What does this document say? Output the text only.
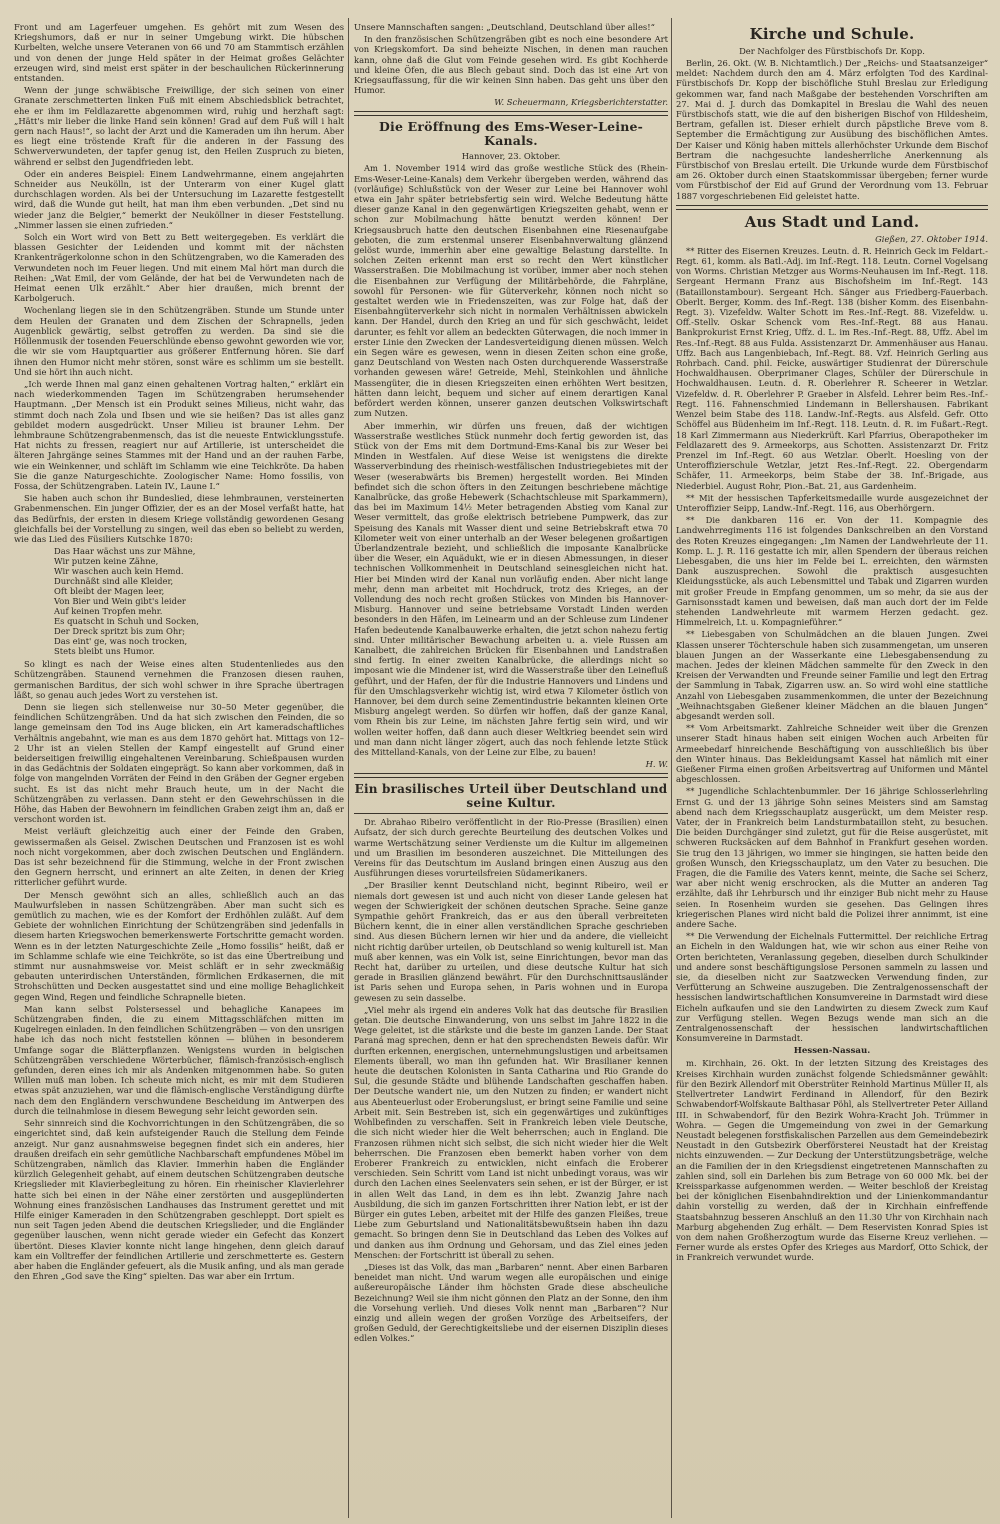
Front und am Lagerfeuer umgehen. Es gehört mit zum Wesen des Kriegshumors, daß er nur in seiner Umgebung wirkt. Die hübschen Kurbelten, welche unsere Veteranen von 66 und 70 am Stammtisch erzählen und von denen der junge Held später in der Heimat großes Gelächter erzeugen wird, sind meist erst später in der beschaulichen Rückerinnerung entstanden.

Wenn der junge schwäbische Freiwillige, der sich seinen von einer Granate zerschmetterten linken Fuß mit einem Abschiedsblick betrachtet, ehe er ihm im Feldlazarette abgenommen wird, ruhig und herzhaft sagt: „Hätt's mir lieber die linke Hand sein können! Grad auf dem Fuß will i halt gern nach Haus!“, so lacht der Arzt und die Kameraden um ihn herum. Aber es liegt eine tröstende Kraft für die anderen in der Fassung des Schwerverwundeten, der tapfer genug ist, den Heilen Zuspruch zu bieten, während er selbst den Jugendfrieden lebt.

Oder ein anderes Beispiel: Einem Landwehrmanne, einem angejahrten Schneider aus Neukölln, ist der Unterarm von einer Kugel glatt durchschlagen worden. Als bei der Untersuchung im Lazarette festgestellt wird, daß die Wunde gut heilt, hat man ihm eben verbunden. „Det sind nu wieder janz die Belgier,“ bemerkt der Neuköllner in dieser Feststellung. „Nimmer lassen sie einen zufrieden.“

Solch ein Wort wird von Bett zu Bett weitergegeben. Es verklärt die blassen Gesichter der Leidenden und kommt mit der nächsten Krankenträgerkolonne schon in den Schützengraben, wo die Kameraden des Verwundeten noch im Feuer liegen. Und mit einem Mal hört man durch die Reihen: „Wat Emil, der vom Gelände, der hat bei de Verwundeten nach de Heimat eenen Ulk erzählt.“ Aber hier draußen, mich brennt der Karbolgeruch.

Wochenlang liegen sie in den Schützengräben. Stunde um Stunde unter dem Heulen der Granaten und dem Zischen der Schrapnells, jeden Augenblick gewärtig, selbst getroffen zu werden. Da sind sie die Höllenmusik der tosenden Feuerschlünde ebenso gewohnt geworden wie vor, die wir sie vom Hauptquartier aus größerer Entfernung hören. Sie darf ihnen den Humor nicht mehr stören, sonst wäre es schlimm um sie bestellt. Und sie hört ihn auch nicht.

„Ich werde Ihnen mal ganz einen gehaltenen Vortrag halten,“ erklärt ein nach wiederkommenden Tagen im Schützengraben herumsehender Hauptmann. „Der Mensch ist ein Produkt seines Milieus, nicht wahr, das stimmt doch nach Zola und Ibsen und wie sie heißen? Das ist alles ganz gebildet modern ausgedrückt. Unser Milieu ist brauner Lehm. Der lehmbraune Schützengrabenmensch, das ist die neueste Entwicklungsstufe. Hat nichts zu fressen, reagiert nur auf Artillerie, ist unterscheidet die älteren Jahrgänge seines Stammes mit der Hand und an der rauhen Farbe, wie ein Weinkenner, und schläft im Schlamm wie eine Teichkröte. Da haben Sie die ganze Naturgeschichte. Zoologischer Name: Homo fossilis, von Fossa, der Schützengraben. Latein IV., Laune I.“

Sie haben auch schon ihr Bundeslied, diese lehmbraunen, versteinerten Grabenmenschen. Ein junger Offizier, der es an der Mosel verfaßt hatte, hat das Bedürfnis, der ersten in diesem Kriege vollständig gewordenen Gesang gleichfalls bei der Vorstellung zu singen, weil das eben so beliebt zu werden, wie das Lied des Füsiliers Kutschke 1870:

Das Haar wächst uns zur Mähne,
Wir putzen keine Zähne,
Wir waschen auch kein Hemd.
Durchnäßt sind alle Kleider,
Oft bleibt der Magen leer,
Von Bier und Wein gibt's leider
Auf keinen Tropfen mehr.
Es quatscht in Schuh und Socken,
Der Dreck spritzt bis zum Ohr;
Das eint' ge, was noch trocken,
Stets bleibt uns Humor.

So klingt es nach der Weise eines alten Studentenliedes aus den Schützengräben. Staunend vernehmen die Franzosen diesen rauhen, germanischen Barditus, der sich wohl schwer in ihre Sprache übertragen läßt, so genau auch jedes Wort zu verstehen ist.

Denn sie liegen sich stellenweise nur 30–50 Meter gegenüber, die feindlichen Schützengräben. Und da hat sich zwischen den Feinden, die so lange gemeinsam den Tod ins Auge blicken, ein Art kameradschaftliches Verhältnis angebahnt, wie man es aus dem 1870 gehört hat. Mittags von 12–2 Uhr ist an vielen Stellen der Kampf eingestellt auf Grund einer beiderseitigen freiwillig eingehaltenen Vereinbarung. Schießpausen wurden in das Gedächtnis der Soldaten eingeprägt. So kann aber vorkommen, daß in folge von mangelnden Vorräten der Feind in den Gräben der Gegner ergeben sucht. Es ist das nicht mehr Brauch heute, um in der Nacht die Schützengräben zu verlassen. Dann steht er den Gewehrschüssen in die Höhe, das Haben der Bewohnern im feindlichen Graben zeigt ihm an, daß er verschont worden ist.

Meist verläuft gleichzeitig auch einer der Feinde den Graben, gewissermaßen als Geisel. Zwischen Deutschen und Franzosen ist es wohl noch nicht vorgekommen, aber doch zwischen Deutschen und Engländern. Das ist sehr bezeichnend für die Stimmung, welche in der Front zwischen den Gegnern herrscht, und erinnert an alte Zeiten, in denen der Krieg ritterlicher geführt wurde.

Der Mensch gewöhnt sich an alles, schließlich auch an das Maulwurfsleben in nassen Schützengräben. Aber man sucht sich es gemütlich zu machen, wie es der Komfort der Erdhöhlen zuläßt. Auf dem Gebiete der wohnlichen Einrichtung der Schützengräben sind jedenfalls in diesem harten Kriegswochen bemerkenswerte Fortschritte gemacht worden. Wenn es in der letzten Naturgeschichte Zeile „Homo fossilis“ heißt, daß er im Schlamme schlafe wie eine Teichkröte, so ist das eine Übertreibung und stimmt nur ausnahmsweise vor. Meist schläft er in sehr zweckmäßig gebauten unterirdischen Unterständen, förmlichen Erdkasernen, die mit Strohschütten und Decken ausgestattet sind und eine mollige Behaglichkeit gegen Wind, Regen und feindliche Schrapnelle bieten.

Man kann selbst Polstersessel und behagliche Kanapees im Schützengraben finden, die zu einem Mittagsschläfchen mitten im Kugelregen einladen. In den feindlichen Schützengräben — von den unsrigen habe ich das noch nicht feststellen können — blühen in besonderem Umfange sogar die Blätterpflanzen. Wenigstens wurden in belgischen Schützengräben verschiedene Wörterbücher, flämisch-französisch-englisch gefunden, deren eines ich mir als Andenken mitgenommen habe. So guten Willen muß man loben. Ich scheute mich nicht, es mir mit dem Studieren etwas spät anzuziehen, war und die flämisch-englische Verständigung dürfte nach dem den Engländern verschwundene Bescheidung im Antwerpen des durch die teilnahmlose in diesem Bewegung sehr leicht geworden sein.

Sehr sinnreich sind die Kochvorrichtungen in den Schützengräben, die so eingerichtet sind, daß kein aufsteigender Rauch die Stellung dem Feinde anzeigt. Nur ganz ausnahmsweise begegnen findet sich ein anderes, hier draußen dreifach ein sehr gemütliche Nachbarschaft empfundenes Möbel im Schützengraben, nämlich das Klavier. Immerhin haben die Engländer kürzlich Gelegenheit gehabt, auf einem deutschen Schützengraben deutsche Kriegslieder mit Klavierbegleitung zu hören. Ein rheinischer Klavierlehrer hatte sich bei einen in der Nähe einer zerstörten und ausgeplünderten Wohnung eines französischen Landhauses das Instrument gerettet und mit Hilfe einiger Kameraden in den Schützengraben geschleppt. Dort spielt es nun seit Tagen jeden Abend die deutschen Kriegslieder, und die Engländer gegenüber lauschen, wenn nicht gerade wieder ein Gefecht das Konzert übertönt. Dieses Klavier konnte nicht lange hingehen, denn gleich darauf kam ein Volltreffer der feindlichen Artillerie und zerschmetterte es. Gestern aber haben die Engländer gefeuert, als die Musik anfing, und als man gerade den Ehren „God save the King“ spielten. Das war aber ein Irrtum.

Unsere Mannschaften sangen: „Deutschland, Deutschland über alles!“

In den französischen Schützengräben gibt es noch eine besondere Art von Kriegskomfort. Da sind beheizte Nischen, in denen man rauchen kann, ohne daß die Glut vom Feinde gesehen wird. Es gibt Kochherde und kleine Öfen, die aus Blech gebaut sind. Doch das ist eine Art von Kriegsauffassung, für die wir keinen Sinn haben. Das geht uns über den Humor.

W. Scheuermann, Kriegsberichterstatter.
Die Eröffnung des Ems-Weser-Leine-Kanals.
Hannover, 23. Oktober.

Am 1. November 1914 wird das große westliche Stück des (Rhein-Ems-Weser-Leine-Kanals) dem Verkehr übergeben werden, während das (vorläufige) Schlußstück von der Weser zur Leine bei Hannover wohl etwa ein Jahr später betriebsfertig sein wird. Welche Bedeutung hätte dieser ganze Kanal in den gegenwärtigen Kriegszeiten gehabt, wenn er schon zur Mobilmachung hätte benutzt werden können! Der Kriegsausbruch hatte den deutschen Eisenbahnen eine Riesenaufgabe geboten, die zum erstenmal unserer Eisenbahnverwaltung glänzend gelöst wurde, immerhin aber eine gewaltige Belastung darstellte. In solchen Zeiten erkennt man erst so recht den Wert künstlicher Wasserstraßen. Die Mobilmachung ist vorüber, immer aber noch stehen die Eisenbahnen zur Verfügung der Militärbehörde, die Fahrpläne, sowohl für Personen- wie für Güterverkehr, können noch nicht so gestaltet werden wie in Friedenszeiten, was zur Folge hat, daß der Eisenbahngüterverkehr sich nicht in normalen Verhältnissen abwickeln kann. Der Handel, durch den Krieg an und für sich geschwächt, leidet darunter, es fehlt vor allem an bedeckten Güterwagen, die noch immer in erster Linie den Zwecken der Landesverteidigung dienen müssen. Welch ein Segen wäre es gewesen, wenn in diesen Zeiten schon eine große, ganz Deutschland von Westen nach Osten durchquerende Wasserstraße vorhanden gewesen wäre! Getreide, Mehl, Steinkohlen und ähnliche Massengüter, die in diesen Kriegszeiten einen erhöhten Wert besitzen, hätten dann leicht, bequem und sicher auf einem derartigen Kanal befördert werden können, unserer ganzen deutschen Volkswirtschaft zum Nutzen.

Aber immerhin, wir dürfen uns freuen, daß der wichtigen Wasserstraße westliches Stück nunmehr doch fertig geworden ist, das Stück von der Ems mit dem Dortmund-Ems-Kanal bis zur Weser bei Minden in Westfalen. Auf diese Weise ist wenigstens die direkte Wasserverbindung des rheinisch-westfälischen Industriegebietes mit der Weser (weserabwärts bis Bremen) hergestellt worden. Bei Minden befindet sich die schon öfters in den Zeitungen beschriebene mächtige Kanalbrücke, das große Hebewerk (Schachtschleuse mit Sparkammern), das bei im Maximum 14½ Meter betragenden Abstieg vom Kanal zur Weser vermittelt, das große elektrisch betriebene Pumpwerk, das zur Speisung des Kanals mit Wasser dient und seine Betriebskraft etwa 70 Kilometer weit von einer unterhalb an der Weser belegenen großartigen Überlandzentrale bezieht, und schließlich die imposante Kanalbrücke über die Weser, ein Aquädukt, wie er in diesen Abmessungen, in dieser technischen Vollkommenheit in Deutschland seinesgleichen nicht hat. Hier bei Minden wird der Kanal nun vorläufig enden. Aber nicht lange mehr, denn man arbeitet mit Hochdruck, trotz des Krieges, an der Vollendung des noch recht großen Stückes von Minden bis Hannover-Misburg. Hannover und seine betriebsame Vorstadt Linden werden besonders in den Häfen, im Leinearm und an der Schleuse zum Lindener Hafen bedeutende Kanalbauwerke erhalten, die jetzt schon nahezu fertig sind. Unter militärischer Bewachung arbeiten u. a. viele Russen am Kanalbett, die zahlreichen Brücken für Eisenbahnen und Landstraßen sind fertig. In einer zweiten Kanalbrücke, die allerdings nicht so imposant wie die Mindener ist, wird die Wasserstraße über den Leinefluß geführt, und der Hafen, der für die Industrie Hannovers und Lindens und für den Umschlagsverkehr wichtig ist, wird etwa 7 Kilometer östlich von Hannover, bei dem durch seine Zementindustrie bekannten kleinen Orte Misburg angelegt werden. So dürfen wir hoffen, daß der ganze Kanal, vom Rhein bis zur Leine, im nächsten Jahre fertig sein wird, und wir wollen weiter hoffen, daß dann auch dieser Weltkrieg beendet sein wird und man dann nicht länger zögert, auch das noch fehlende letzte Stück des Mittelland-Kanals, von der Leine zur Elbe, zu bauen!

H. W.
Ein brasilisches Urteil über Deutschland und seine Kultur.

Dr. Abrahao Ribeiro veröffentlicht in der Rio-Presse (Brasilien) einen Aufsatz, der sich durch gerechte Beurteilung des deutschen Volkes und warme Wertschätzung seiner Verdienste um die Kultur im allgemeinen und um Brasilien im besonderen auszeichnet. Die Mitteilungen des Vereins für das Deutschtum im Ausland bringen einen Auszug aus den Ausführungen dieses vorurteilsfreien Südamerikaners.

„Der Brasilier kennt Deutschland nicht, beginnt Ribeiro, weil er niemals dort gewesen ist und auch nicht von dieser Lande gelesen hat wegen der Schwierigkeit der schönen deutschen Sprache. Seine ganze Sympathie gehört Frankreich, das er aus den überall verbreiteten Büchern kennt, die in einer allen verständlichen Sprache geschrieben sind. Aus diesen Büchern lernen wir hier und da andere, die vielleicht nicht richtig darüber urteilen, ob Deutschland so wenig kulturell ist. Man muß aber kennen, was ein Volk ist, seine Einrichtungen, bevor man das Recht hat, darüber zu urteilen, und diese deutsche Kultur hat sich gerade in Brasilien glänzend bewährt. Für den Durchschnittsausländer ist Paris sehen und Europa sehen, in Paris wohnen und in Europa gewesen zu sein dasselbe.

„Viel mehr als irgend ein anderes Volk hat das deutsche für Brasilien getan. Die deutsche Einwanderung, von uns selbst im Jahre 1822 in die Wege geleitet, ist die stärkste und die beste im ganzen Lande. Der Staat Paraná mag sprechen, denn er hat den sprechendsten Beweis dafür. Wir durften erkennen, energischen, unternehmungslustigen und arbeitsamen Elements überall, wo man ihn gefunden hat. Wir Brasilianer kennen heute die deutschen Kolonisten in Santa Catharina und Rio Grande do Sul, die gesunde Städte und blühende Landschaften geschaffen haben. Der Deutsche wandert nie, um den Nutzen zu finden; er wandert nicht aus Abenteuerlust oder Eroberungslust, er bringt seine Familie und seine Arbeit mit. Sein Bestreben ist, sich ein gegenwärtiges und zukünftiges Wohlbefinden zu verschaffen. Seit in Frankreich leben viele Deutsche, die sich nicht wieder hier die Welt beherrschen; auch in England. Die Franzosen rühmen nicht sich selbst, die sich nicht wieder hier die Welt beherrschen. Die Franzosen eben bemerkt haben vorher von dem Eroberer Frankreich zu entwicklen, nicht einfach die Eroberer verschieden. Sein Schritt vom Land ist nicht unbedingt voraus, was wir durch den Lachen eines Seelenvaters sein sehen, er ist der Bürger, er ist in allen Welt das Land, in dem es ihn lebt. Zwanzig Jahre nach Ausbildung, die sich im ganzen Fortschritten ihrer Nation lebt, er ist der Bürger ein gutes Leben, arbeitet mit der Hilfe des ganzen Fleißes, treue Liebe zum Geburtsland und Nationalitätsbewußtsein haben ihn dazu gemacht. So bringen denn Sie in Deutschland das Leben des Volkes auf und danken aus ihm Ordnung und Gehorsam, und das Ziel eines jeden Menschen: der Fortschritt ist überall zu sehen.

„Dieses ist das Volk, das man „Barbaren“ nennt. Aber einen Barbaren beneidet man nicht. Und warum wegen alle europäischen und einige außereuropäische Länder ihm höchsten Grade diese abscheuliche Bezeichnung? Weil sie ihm nicht gönnen den Platz an der Sonne, den ihm die Vorsehung verlieh. Und dieses Volk nennt man „Barbaren“? Nur einzig und allein wegen der großen Vorzüge des Arbeitseifers, der großen Geduld, der Gerechtigkeitsliebe und der eisernen Disziplin dieses edlen Volkes.“

Kirche und Schule.
Der Nachfolger des Fürstbischofs Dr. Kopp.

Berlin, 26. Okt. (W. B. Nichtamtlich.) Der „Reichs- und Staatsanzeiger“ meldet: Nachdem durch den am 4. März erfolgten Tod des Kardinal-Fürstbischofs Dr. Kopp der bischöfliche Stuhl Breslau zur Erledigung gekommen war, fand nach Maßgabe der bestehenden Vorschriften am 27. Mai d. J. durch das Domkapitel in Breslau die Wahl des neuen Fürstbischofs statt, wie die auf den bisherigen Bischof von Hildesheim, Bertram, gefallen ist. Dieser erhielt durch päpstliche Breve vom 8. September die Ermächtigung zur Ausübung des bischöflichen Amtes. Der Kaiser und König haben mittels allerhöchster Urkunde dem Bischof Bertram die nachgesuchte landesherrliche Anerkennung als Fürstbischof von Breslau erteilt. Die Urkunde wurde dem Fürstbischof am 26. Oktober durch einen Staatskommissar übergeben; ferner wurde vom Fürstbischof der Eid auf Grund der Verordnung vom 13. Februar 1887 vorgeschriebenen Eid geleistet hatte.

Aus Stadt und Land.
Gießen, 27. Oktober 1914.

** Ritter des Eisernen Kreuzes. Leutn. d. R. Heinrich Geck im Feldart.-Regt. 61, komm. als Batl.-Adj. im Inf.-Regt. 118. Leutn. Cornel Vogelsang von Worms. Christian Metzger aus Worms-Neuhausen im Inf.-Regt. 118. Sergeant Hermann Franz aus Bischofsheim im Inf.-Regt. 143 (Bataillonstambour). Sergeant Hch. Sänger aus Friedberg-Fauerbach. Oberlt. Berger, Komm. des Inf.-Regt. 138 (bisher Komm. des Eisenbahn-Regt. 3). Vizefeldw. Walter Schott im Res.-Inf.-Regt. 88. Vizefeldw. u. Off.-Stellv. Oskar Schenck vom Res.-Inf.-Regt. 88 aus Hanau. Bankprokurist Ernst Krieg, Uffz. d. L. im Res.-Inf.-Regt. 88, Uffz. Abel im Res.-Inf.-Regt. 88 aus Fulda. Assistenzarzt Dr. Ammenhäuser aus Hanau. Uffz. Bach aus Langenbiebach, Inf.-Regt. 88. Vzf. Heinrich Gerling aus Rohrbach. Cand. phil. Feicke, auswärtiger Studienrat der Dürerschule Hochwaldhausen. Oberprimaner Clages, Schüler der Dürerschule in Hochwaldhausen. Leutn. d. R. Oberlehrer R. Scheerer in Wetzlar. Vizefeldw. d. R. Oberlehrer P. Graeber in Alsfeld. Lehrer beim Res.-Inf.-Regt. 116. Fahnenschmied Lindemann in Bellershausen. Fabrikant Wenzel beim Stabe des 118. Landw.-Inf.-Regts. aus Alsfeld. Gefr. Otto Schöffel aus Büdenheim im Inf.-Regt. 118. Leutn. d. R. im Fußart.-Regt. 18 Karl Zimmermann aus Niederkrüft. Karl Pfarrius, Oberapotheker im Feldlazarett des 9. Armeekorps, aus Schotten. Assistenzarzt Dr. Fritz Prenzel im Inf.-Regt. 60 aus Wetzlar. Oberlt. Hoesling von der Unteroffizierschule Wetzlar, jetzt Res.-Inf.-Regt. 22. Obergendarm Schäfer, 11. Armeekorps, beim Stabe der 38. Inf.-Brigade, aus Niederbiel. August Rohr, Pion.-Bat. 21, aus Gardenheim.

** Mit der hessischen Tapferkeitsmedaille wurde ausgezeichnet der Unteroffizier Seipp, Landw.-Inf.-Regt. 116, aus Oberhörgern.

** Die dankbaren 116 er. Von der 11. Kompagnie des Landwehrregiments 116 ist folgendes Dankschreiben an den Vorstand des Roten Kreuzes eingegangen: „Im Namen der Landwehrleute der 11. Komp. L. J. R. 116 gestatte ich mir, allen Spendern der überaus reichen Liebesgaben, die uns hier im Felde bei L. erreichten, den wärmsten Dank auszusprechen. Sowohl die praktisch ausgesuchten Kleidungsstücke, als auch Lebensmittel und Tabak und Zigarren wurden mit großer Freude in Empfang genommen, um so mehr, da sie aus der Garnisonsstadt kamen und beweisen, daß man auch dort der im Felde stehenden Landwehrleute mit warmem Herzen gedacht. gez. Himmelreich, Lt. u. Kompagnieführer.“

** Liebesgaben von Schulmädchen an die blauen Jungen. Zwei Klassen unserer Töchterschule haben sich zusammengetan, um unseren blauen Jungen an der Wasserkante eine Liebesgabensendung zu machen. Jedes der kleinen Mädchen sammelte für den Zweck in den Kreisen der Verwandten und Freunde seiner Familie und legt den Ertrag der Sammlung in Tabak, Zigarren usw. an. So wird wohl eine stattliche Anzahl von Liebesgaben zusammenkommen, die unter der Bezeichnung „Weihnachtsgaben Gießener kleiner Mädchen an die blauen Jungen“ abgesandt werden soll.

** Vom Arbeitsmarkt. Zahlreiche Schneider weit über die Grenzen unserer Stadt hinaus haben seit einigen Wochen auch Arbeiten für Armeebedarf hinreichende Beschäftigung von ausschließlich bis über den Winter hinaus. Das Bekleidungsamt Kassel hat nämlich mit einer Gießener Firma einen großen Arbeitsvertrag auf Uniformen und Mäntel abgeschlossen.

** Jugendliche Schlachtenbummler. Der 16 jährige Schlosserlehrling Ernst G. und der 13 jährige Sohn seines Meisters sind am Samstag abend nach dem Kriegsschauplatz ausgerückt, um dem Meister resp. Vater, der in Frankreich beim Landsturmbataillon steht, zu besuchen. Die beiden Durchgänger sind zuletzt, gut für die Reise ausgerüstet, mit schweren Rucksäcken auf dem Bahnhof in Frankfurt gesehen worden. Sie trug den 13 jährigen, wo immer sie hingingen, sie hatten beide den großen Wunsch, den Kriegsschauplatz, um den Vater zu besuchen. Die Fragen, die die Familie des Vaters kennt, meinte, die Sache sei Scherz, war aber nicht wenig erschrocken, als die Mutter an anderen Tag erzählte, daß ihr Lehrbursch und ihr einziger Bub nicht mehr zu Hause seien. In Rosenheim wurden sie gesehen. Das Gelingen ihres kriegerischen Planes wird nicht bald die Polizei ihrer annimmt, ist eine andere Sache.

** Die Verwendung der Eichelnals Futtermittel. Der reichliche Ertrag an Eicheln in den Waldungen hat, wie wir schon aus einer Reihe von Orten berichteten, Veranlassung gegeben, dieselben durch Schulkinder und andere sonst beschäftigungslose Personen sammeln zu lassen und sie, da dieselben nicht zur Saatzwecken Verwendung finden, zur Verfütterung an Schweine auszugeben. Die Zentralgenossenschaft der hessischen landwirtschaftlichen Konsumvereine in Darmstadt wird diese Eicheln aufkaufen und sie den Landwirten zu diesem Zweck zum Kauf zur Verfügung stellen. Wegen Bezugs wende man sich an die Zentralgenossenschaft der hessischen landwirtschaftlichen Konsumvereine in Darmstadt.

Hessen-Nassau.

m. Kirchhain, 26. Okt. In der letzten Sitzung des Kreistages des Kreises Kirchhain wurden zunächst folgende Schiedsmänner gewählt: für den Bezirk Allendorf mit Oberstrüter Reinhold Martinus Müller II, als Stellvertreter Landwirt Ferdinand in Allendorf, für den Bezirk Schwabendorf-Wolfskaute Balthasar Pöhl, als Stellvertreter Peter Ailland III. in Schwabendorf, für den Bezirk Wohra-Kracht Joh. Trümmer in Wohra. — Gegen die Umgemeindung von zwei in der Gemarkung Neustadt belegenen forstfiskalischen Parzellen aus dem Gemeindebezirk Neustadt in den Gutsbezirk Oberförsterei Neustadt hat der Kreistag nichts einzuwenden. — Zur Deckung der Unterstützungsbeträge, welche an die Familien der in den Kriegsdienst eingetretenen Mannschaften zu zahlen sind, soll ein Darlehen bis zum Betrage von 60 000 Mk. bei der Kreissparkasse aufgenommen werden. — Weiter beschloß der Kreistag bei der königlichen Eisenbahndirektion und der Linienkommandantur dahin vorstellig zu werden, daß der in Kirchhain einfreffende Staatsbahnzug besseren Anschluß an den 11.30 Uhr von Kirchhain nach Marburg abgehenden Zug erhält. — Dem Reservisten Konrad Spies ist von dem nahen Großherzogtum wurde das Eiserne Kreuz verliehen. — Ferner wurde als erstes Opfer des Krieges aus Mardorf, Otto Schick, der in Frankreich verwundet wurde.
